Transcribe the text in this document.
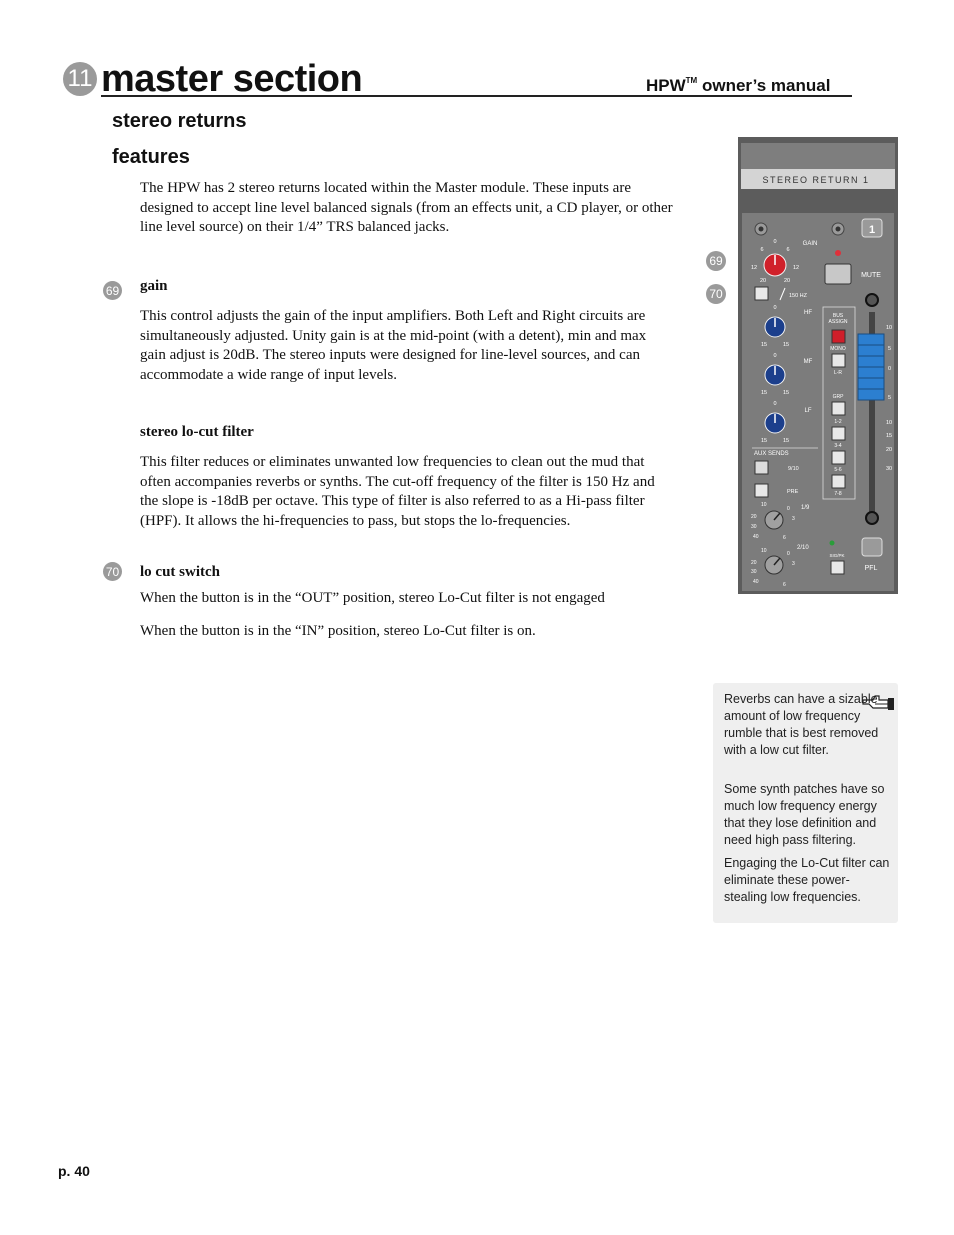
11 master section	HPW™ owner’s manual
stereo returns
features
The HPW has 2 stereo returns located within the Master module. These inputs are designed to accept line level balanced signals (from an effects unit, a CD player, or other line level source) on their 1/4” TRS balanced jacks.
69 gain
This control adjusts the gain of the input amplifiers. Both Left and Right circuits are simultaneously adjusted. Unity gain is at the mid-point (with a detent), min and max gain adjust is 20dB. The stereo inputs were designed for line-level sources, and can accommodate a wide range of input levels.
stereo lo-cut filter
This filter reduces or eliminates unwanted low frequencies to clean out the mud that often accompanies reverbs or synths. The cut-off frequency of the filter is 150 Hz and the slope is -18dB per octave. This type of filter is also referred to as a Hi-pass filter (HPF). It allows the hi-frequencies to pass, but stops the lo-frequencies.
70 lo cut switch
When the button is in the “OUT” position, stereo Lo-Cut filter is not engaged
When the button is in the “IN” position, stereo Lo-Cut filter is on.
69
70
STEREO RETURN 1
1
0
6	6
12	12
20	20
GAIN
150 HZ
0
HF
15	15
0
MF
15	15
0
LF
15	15
AUX SENDS
9/10
PRE
1/9
10
20
30
40
0
3
6
2/10
10
20
30
40
0
3
6
MUTE
BUS
ASSIGN
MONO
L-R
GRP
1-2
3-4
5-6
7-8
10
5
0
5
10
15
20
30
SIG/PK
PFL

Reverbs can have a sizable amount of low frequency rumble that is best removed with a low cut filter.

Some synth patches have so much low frequency energy that they lose definition and need high pass filtering.

Engaging the Lo-Cut filter can eliminate these power-stealing low frequencies.

p. 40
